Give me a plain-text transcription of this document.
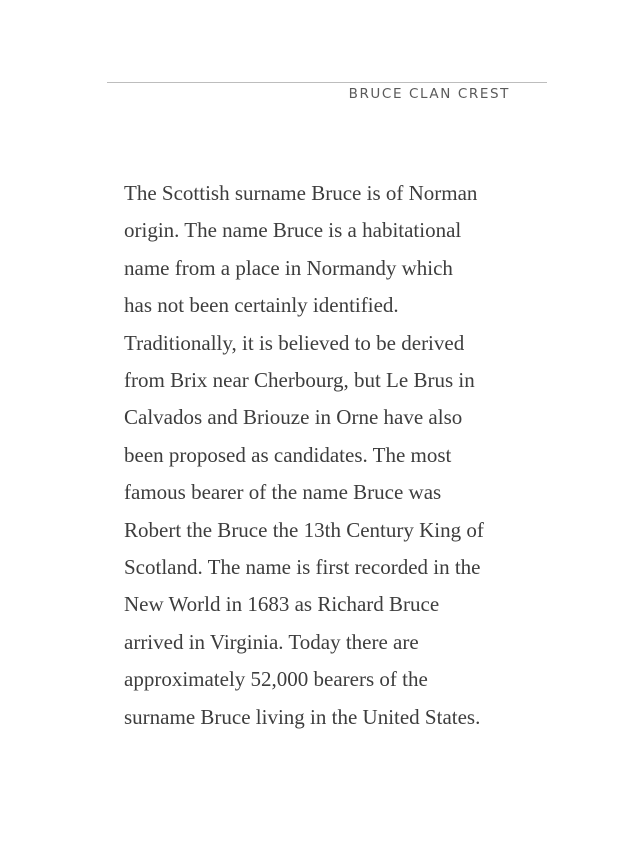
BRUCE CLAN CREST

The Scottish surname Bruce is of Norman
origin. The name Bruce is a habitational
name from a place in Normandy which
has not been certainly identified.
Traditionally, it is believed to be derived
from Brix near Cherbourg, but Le Brus in
Calvados and Briouze in Orne have also
been proposed as candidates. The most
famous bearer of the name Bruce was
Robert the Bruce the 13th Century King of
Scotland. The name is first recorded in the
New World in 1683 as Richard Bruce
arrived in Virginia. Today there are
approximately 52,000 bearers of the
surname Bruce living in the United States.
